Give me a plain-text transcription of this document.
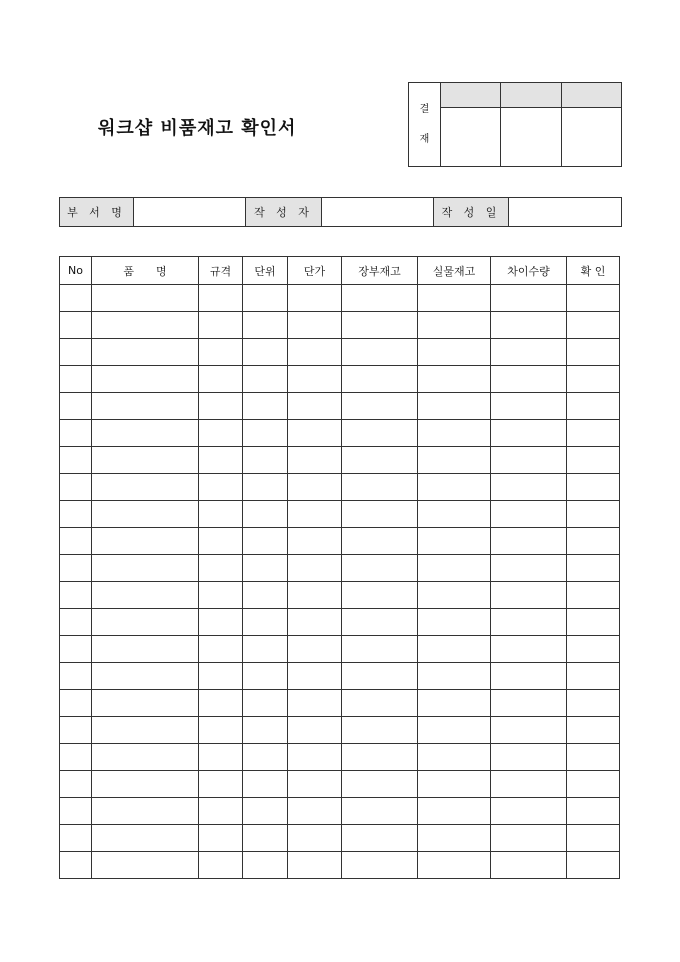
워크샵 비품재고 확인서
결
재			

부 서 명		작 성 자		작 성 일	
No	품　　명	규격	단위	단가	장부재고	실물재고	차이수량	확 인
